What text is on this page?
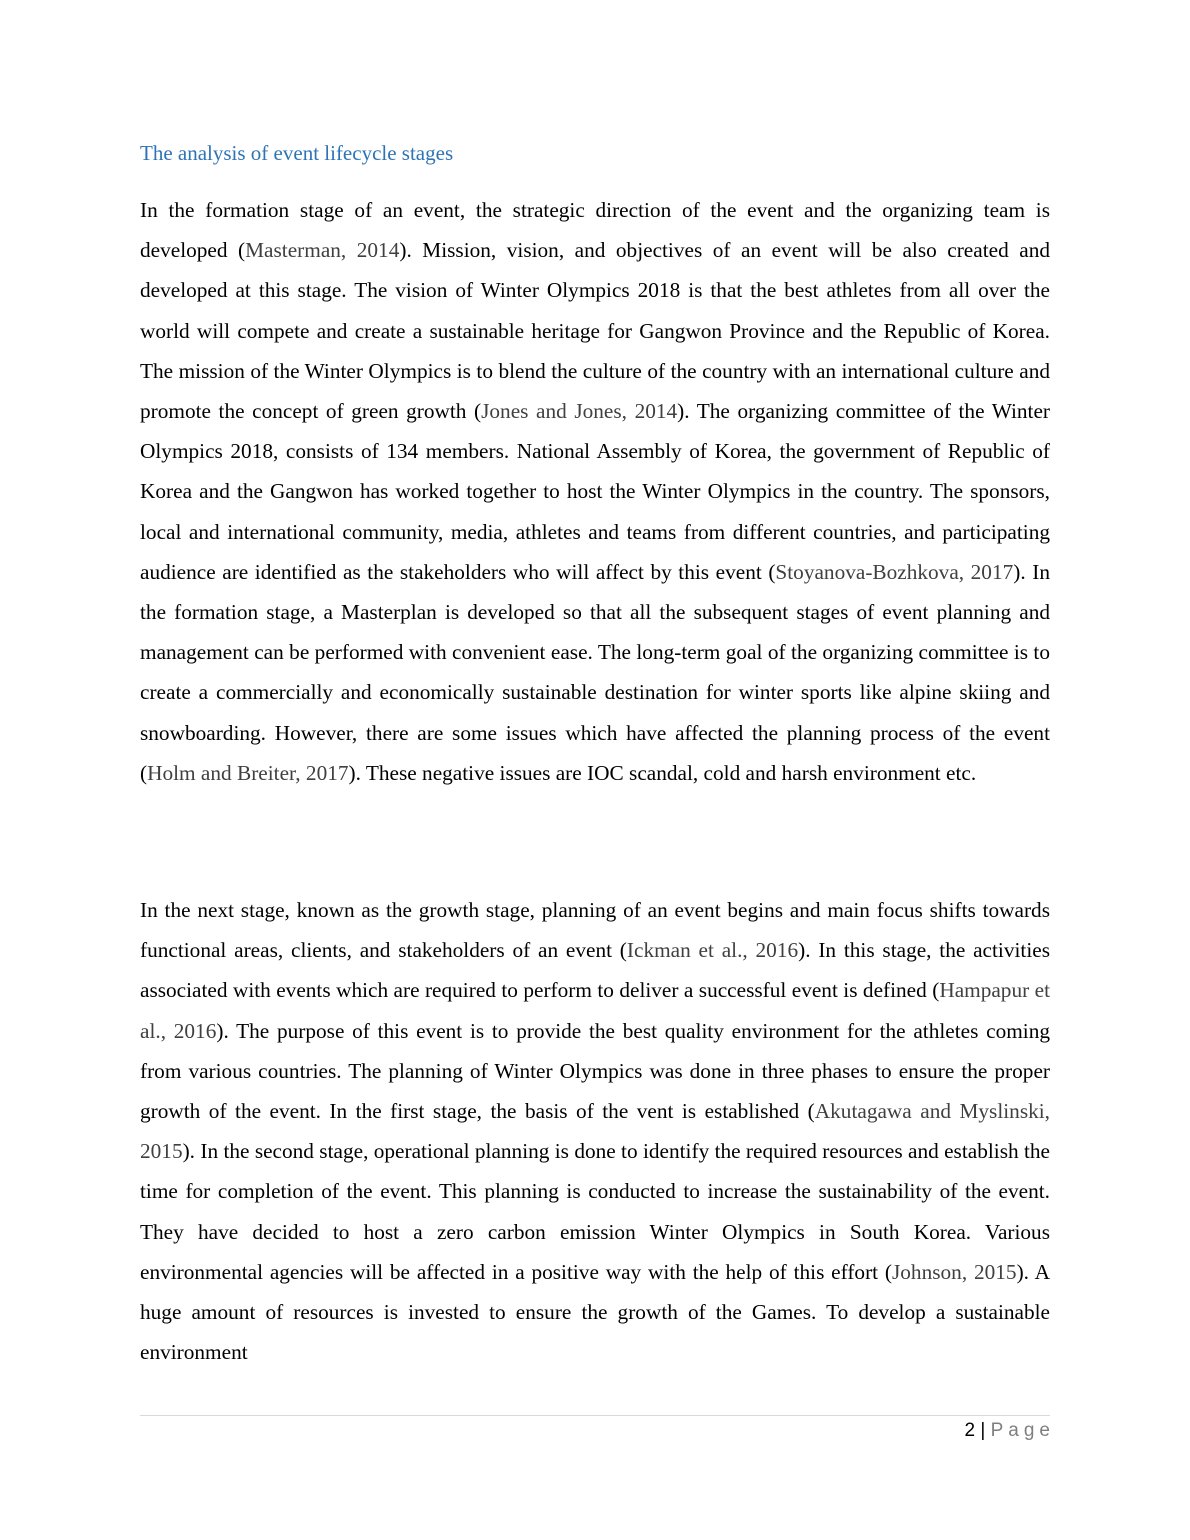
The analysis of event lifecycle stages

In the formation stage of an event, the strategic direction of the event and the organizing team is developed (Masterman, 2014). Mission, vision, and objectives of an event will be also created and developed at this stage. The vision of Winter Olympics 2018 is that the best athletes from all over the world will compete and create a sustainable heritage for Gangwon Province and the Republic of Korea. The mission of the Winter Olympics is to blend the culture of the country with an international culture and promote the concept of green growth (Jones and Jones, 2014). The organizing committee of the Winter Olympics 2018, consists of 134 members. National Assembly of Korea, the government of Republic of Korea and the Gangwon has worked together to host the Winter Olympics in the country. The sponsors, local and international community, media, athletes and teams from different countries, and participating audience are identified as the stakeholders who will affect by this event (Stoyanova-Bozhkova, 2017). In the formation stage, a Masterplan is developed so that all the subsequent stages of event planning and management can be performed with convenient ease. The long-term goal of the organizing committee is to create a commercially and economically sustainable destination for winter sports like alpine skiing and snowboarding. However, there are some issues which have affected the planning process of the event (Holm and Breiter, 2017). These negative issues are IOC scandal, cold and harsh environment etc.

In the next stage, known as the growth stage, planning of an event begins and main focus shifts towards functional areas, clients, and stakeholders of an event (Ickman et al., 2016). In this stage, the activities associated with events which are required to perform to deliver a successful event is defined (Hampapur et al., 2016). The purpose of this event is to provide the best quality environment for the athletes coming from various countries. The planning of Winter Olympics was done in three phases to ensure the proper growth of the event. In the first stage, the basis of the vent is established (Akutagawa and Myslinski, 2015). In the second stage, operational planning is done to identify the required resources and establish the time for completion of the event. This planning is conducted to increase the sustainability of the event. They have decided to host a zero carbon emission Winter Olympics in South Korea. Various environmental agencies will be affected in a positive way with the help of this effort (Johnson, 2015). A huge amount of resources is invested to ensure the growth of the Games. To develop a sustainable environment

2 | Page
